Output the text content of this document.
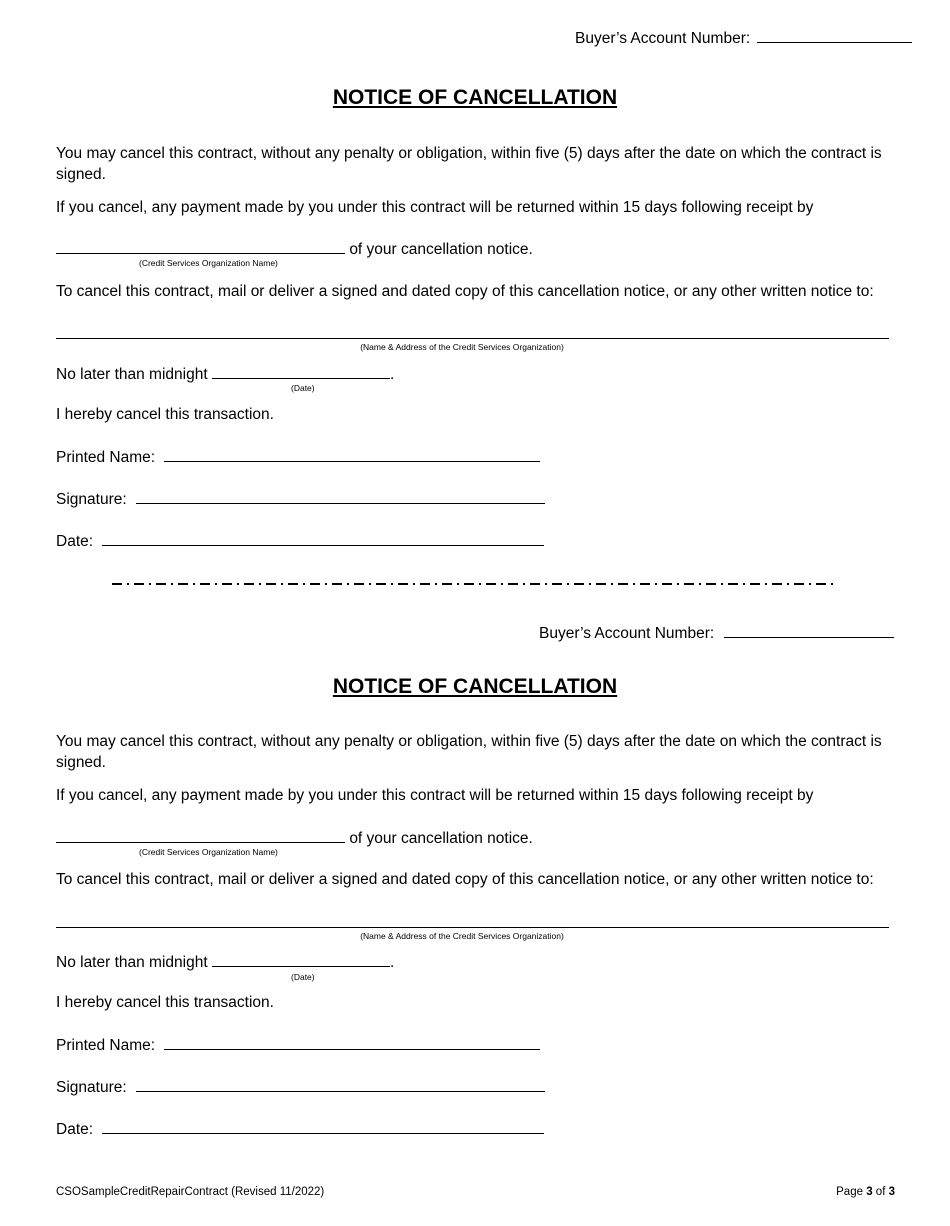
Buyer’s Account Number:
NOTICE OF CANCELLATION
You may cancel this contract, without any penalty or obligation, within five (5) days after the date on which the contract is signed.
If you cancel, any payment made by you under this contract will be returned within 15 days following receipt by
of your cancellation notice.
(Credit Services Organization Name)
To cancel this contract, mail or deliver a signed and dated copy of this cancellation notice, or any other written notice to:
(Name & Address of the Credit Services Organization)
No later than midnight	.
(Date)
I hereby cancel this transaction.
Printed Name:
Signature:
Date:
Buyer’s Account Number:
NOTICE OF CANCELLATION
You may cancel this contract, without any penalty or obligation, within five (5) days after the date on which the contract is signed.
If you cancel, any payment made by you under this contract will be returned within 15 days following receipt by
of your cancellation notice.
(Credit Services Organization Name)
To cancel this contract, mail or deliver a signed and dated copy of this cancellation notice, or any other written notice to:
(Name & Address of the Credit Services Organization)
No later than midnight	.
(Date)
I hereby cancel this transaction.
Printed Name:
Signature:
Date:
CSOSampleCreditRepairContract (Revised 11/2022)	Page 3 of 3
